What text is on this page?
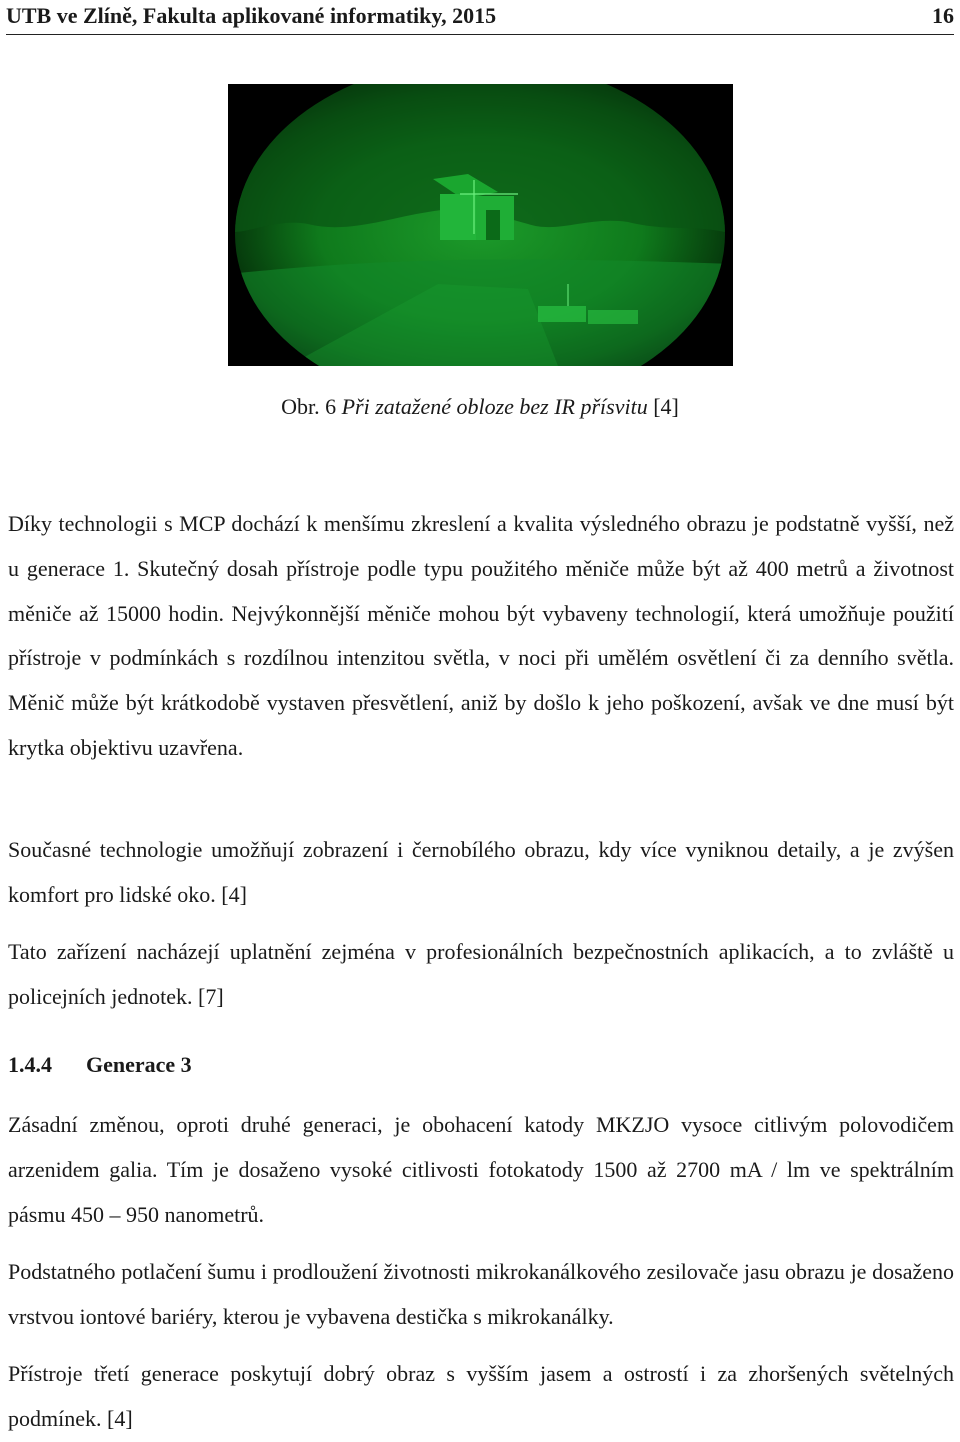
UTB ve Zlíně, Fakulta aplikované informatiky, 2015	16
Obr. 6 Při zatažené obloze bez IR přísvitu [4]

Díky technologii s MCP dochází k menšímu zkreslení a kvalita výsledného obrazu je podstatně vyšší, než u generace 1. Skutečný dosah přístroje podle typu použitého měniče může být až 400 metrů a životnost měniče až 15000 hodin. Nejvýkonnější měniče mohou být vybaveny technologií, která umožňuje použití přístroje v podmínkách s rozdílnou intenzitou světla, v noci při umělém osvětlení či za denního světla. Měnič může být krátkodobě vystaven přesvětlení, aniž by došlo k jeho poškození, avšak ve dne musí být krytka objektivu uzavřena.

Současné technologie umožňují zobrazení i černobílého obrazu, kdy více vyniknou detaily, a je zvýšen komfort pro lidské oko. [4]

Tato zařízení nacházejí uplatnění zejména v profesionálních bezpečnostních aplikacích, a to zvláště u policejních jednotek. [7]

1.4.4 Generace 3

Zásadní změnou, oproti druhé generaci, je obohacení katody MKZJO vysoce citlivým polovodičem arzenidem galia. Tím je dosaženo vysoké citlivosti fotokatody 1500 až 2700 mA / lm ve spektrálním pásmu 450 – 950 nanometrů.

Podstatného potlačení šumu i prodloužení životnosti mikrokanálkového zesilovače jasu obrazu je dosaženo vrstvou iontové bariéry, kterou je vybavena destička s mikrokanálky.

Přístroje třetí generace poskytují dobrý obraz s vyšším jasem a ostrostí i za zhoršených světelných podmínek. [4]
